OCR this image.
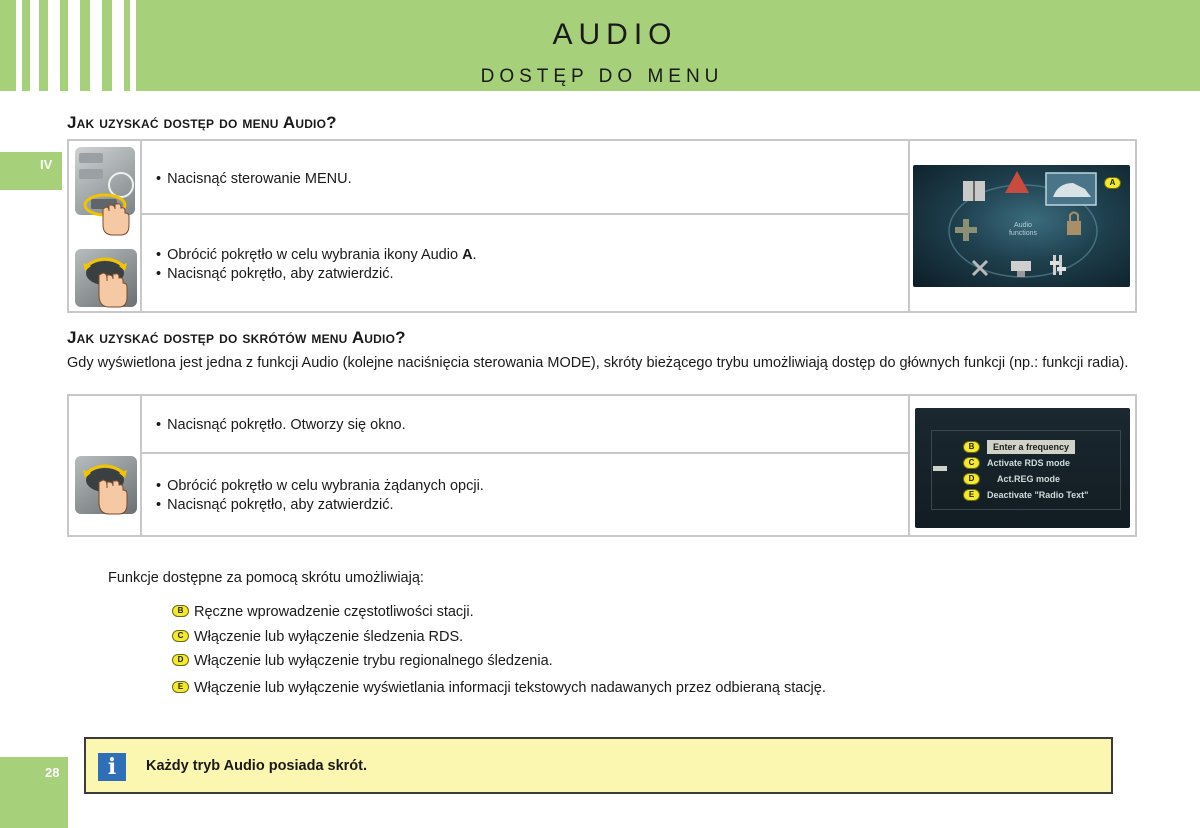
AUDIO
DOSTĘP DO MENU
IV
Jak uzyskać dostęp do menu Audio?
• Nacisnąć sterowanie MENU.
• Obrócić pokrętło w celu wybrania ikony Audio A.
• Nacisnąć pokrętło, aby zatwierdzić.
Audio
functions
A
Jak uzyskać dostęp do skrótów menu Audio?
Gdy wyświetlona jest jedna z funkcji Audio (kolejne naciśnięcia sterowania MODE), skróty bieżącego trybu umożliwiają dostęp do głównych funkcji (np.: funkcji radia).
• Nacisnąć pokrętło. Otworzy się okno.
• Obrócić pokrętło w celu wybrania żądanych opcji.
• Nacisnąć pokrętło, aby zatwierdzić.
B	Enter a frequency
C	Activate RDS mode
D	Act.REG mode
E	Deactivate "Radio Text"
Funkcje dostępne za pomocą skrótu umożliwiają:
B Ręczne wprowadzenie częstotliwości stacji.
C Włączenie lub wyłączenie śledzenia RDS.
D Włączenie lub wyłączenie trybu regionalnego śledzenia.
E Włączenie lub wyłączenie wyświetlania informacji tekstowych nadawanych przez odbieraną stację.
i	Każdy tryb Audio posiada skrót.
28
